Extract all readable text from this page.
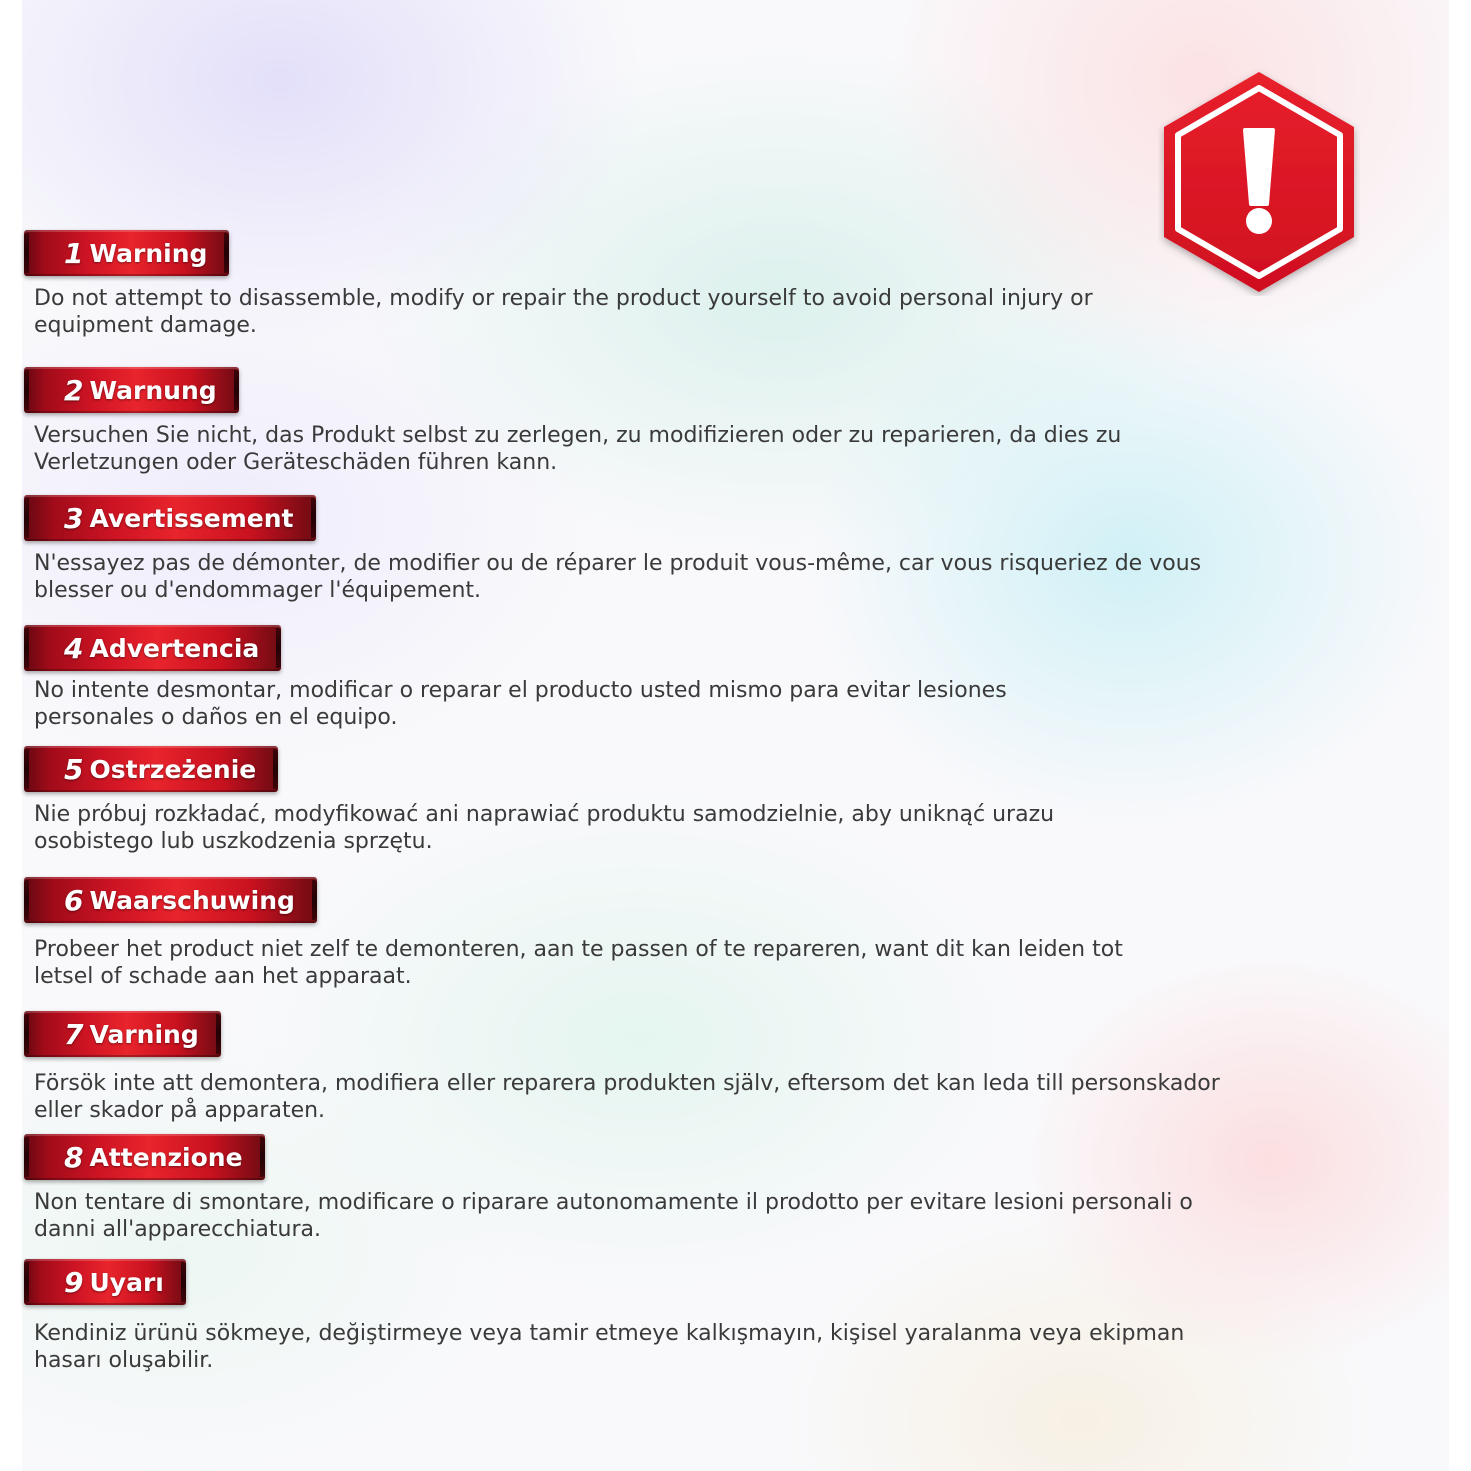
1 Warning

Do not attempt to disassemble, modify or repair the product yourself to avoid personal injury or
equipment damage.

2 Warnung

Versuchen Sie nicht, das Produkt selbst zu zerlegen, zu modifizieren oder zu reparieren, da dies zu
Verletzungen oder Geräteschäden führen kann.

3 Avertissement

N'essayez pas de démonter, de modifier ou de réparer le produit vous-même, car vous risqueriez de vous
blesser ou d'endommager l'équipement.

4 Advertencia

No intente desmontar, modificar o reparar el producto usted mismo para evitar lesiones
personales o daños en el equipo.

5 Ostrzeżenie

Nie próbuj rozkładać, modyfikować ani naprawiać produktu samodzielnie, aby uniknąć urazu
osobistego lub uszkodzenia sprzętu.

6 Waarschuwing

Probeer het product niet zelf te demonteren, aan te passen of te repareren, want dit kan leiden tot
letsel of schade aan het apparaat.

7 Varning

Försök inte att demontera, modifiera eller reparera produkten själv, eftersom det kan leda till personskador
eller skador på apparaten.

8 Attenzione

Non tentare di smontare, modificare o riparare autonomamente il prodotto per evitare lesioni personali o
danni all'apparecchiatura.

9 Uyarı

Kendiniz ürünü sökmeye, değiştirmeye veya tamir etmeye kalkışmayın, kişisel yaralanma veya ekipman
hasarı oluşabilir.
